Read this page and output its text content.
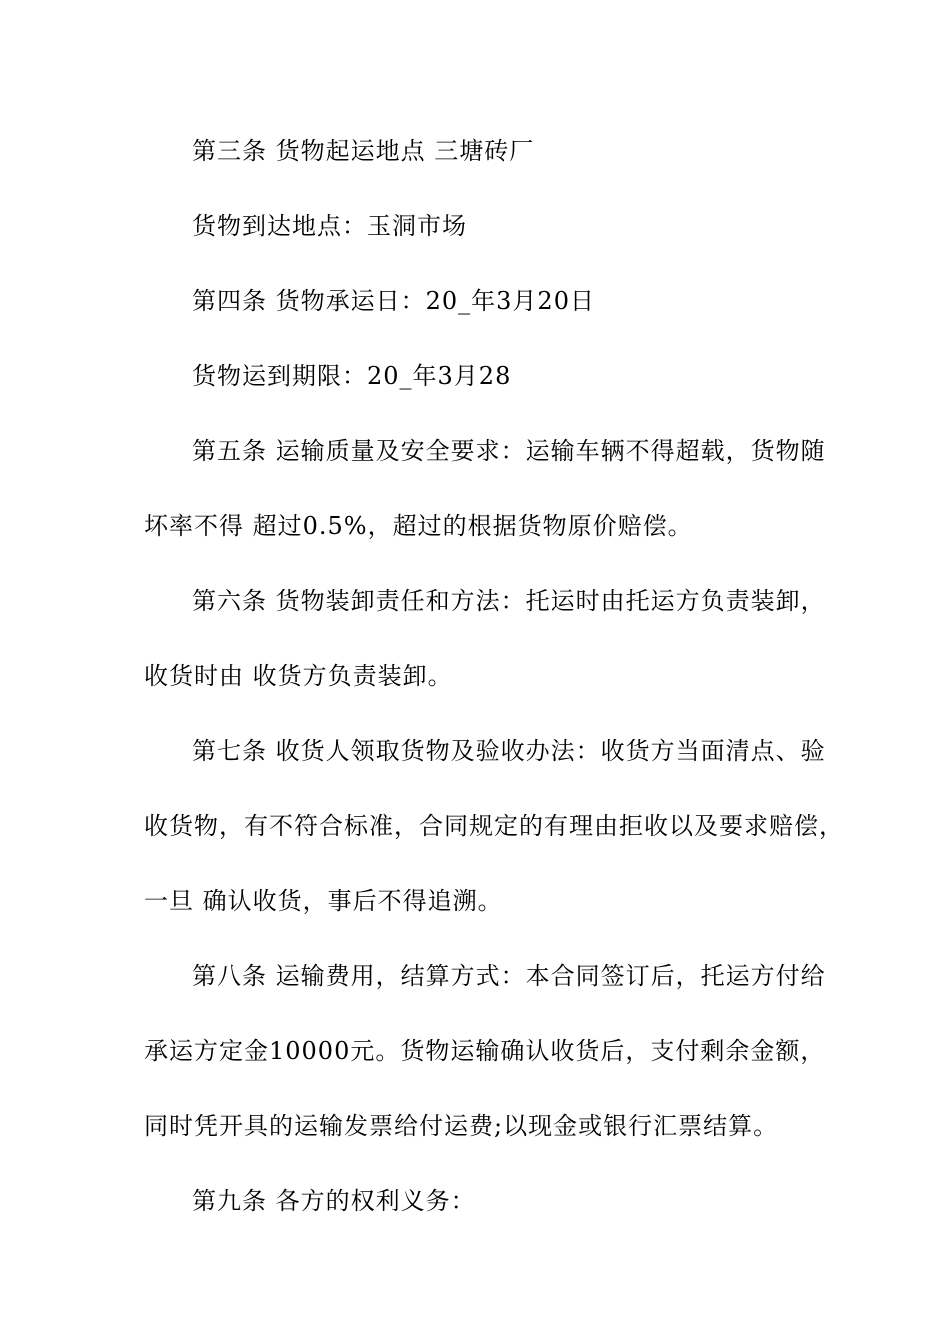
第三条 货物起运地点 三塘砖厂
货物到达地点：玉洞市场
第四条 货物承运日：20_年3月20日
货物运到期限：20_年3月28
第五条 运输质量及安全要求：运输车辆不得超载，货物随
坏率不得 超过0.5%，超过的根据货物原价赔偿。
第六条 货物装卸责任和方法：托运时由托运方负责装卸，
收货时由 收货方负责装卸。
第七条 收货人领取货物及验收办法：收货方当面清点、验
收货物，有不符合标准，合同规定的有理由拒收以及要求赔偿，
一旦 确认收货，事后不得追溯。
第八条 运输费用，结算方式：本合同签订后，托运方付给
承运方定金10000元。货物运输确认收货后，支付剩余金额，
同时凭开具的运输发票给付运费;以现金或银行汇票结算。
第九条 各方的权利义务：
